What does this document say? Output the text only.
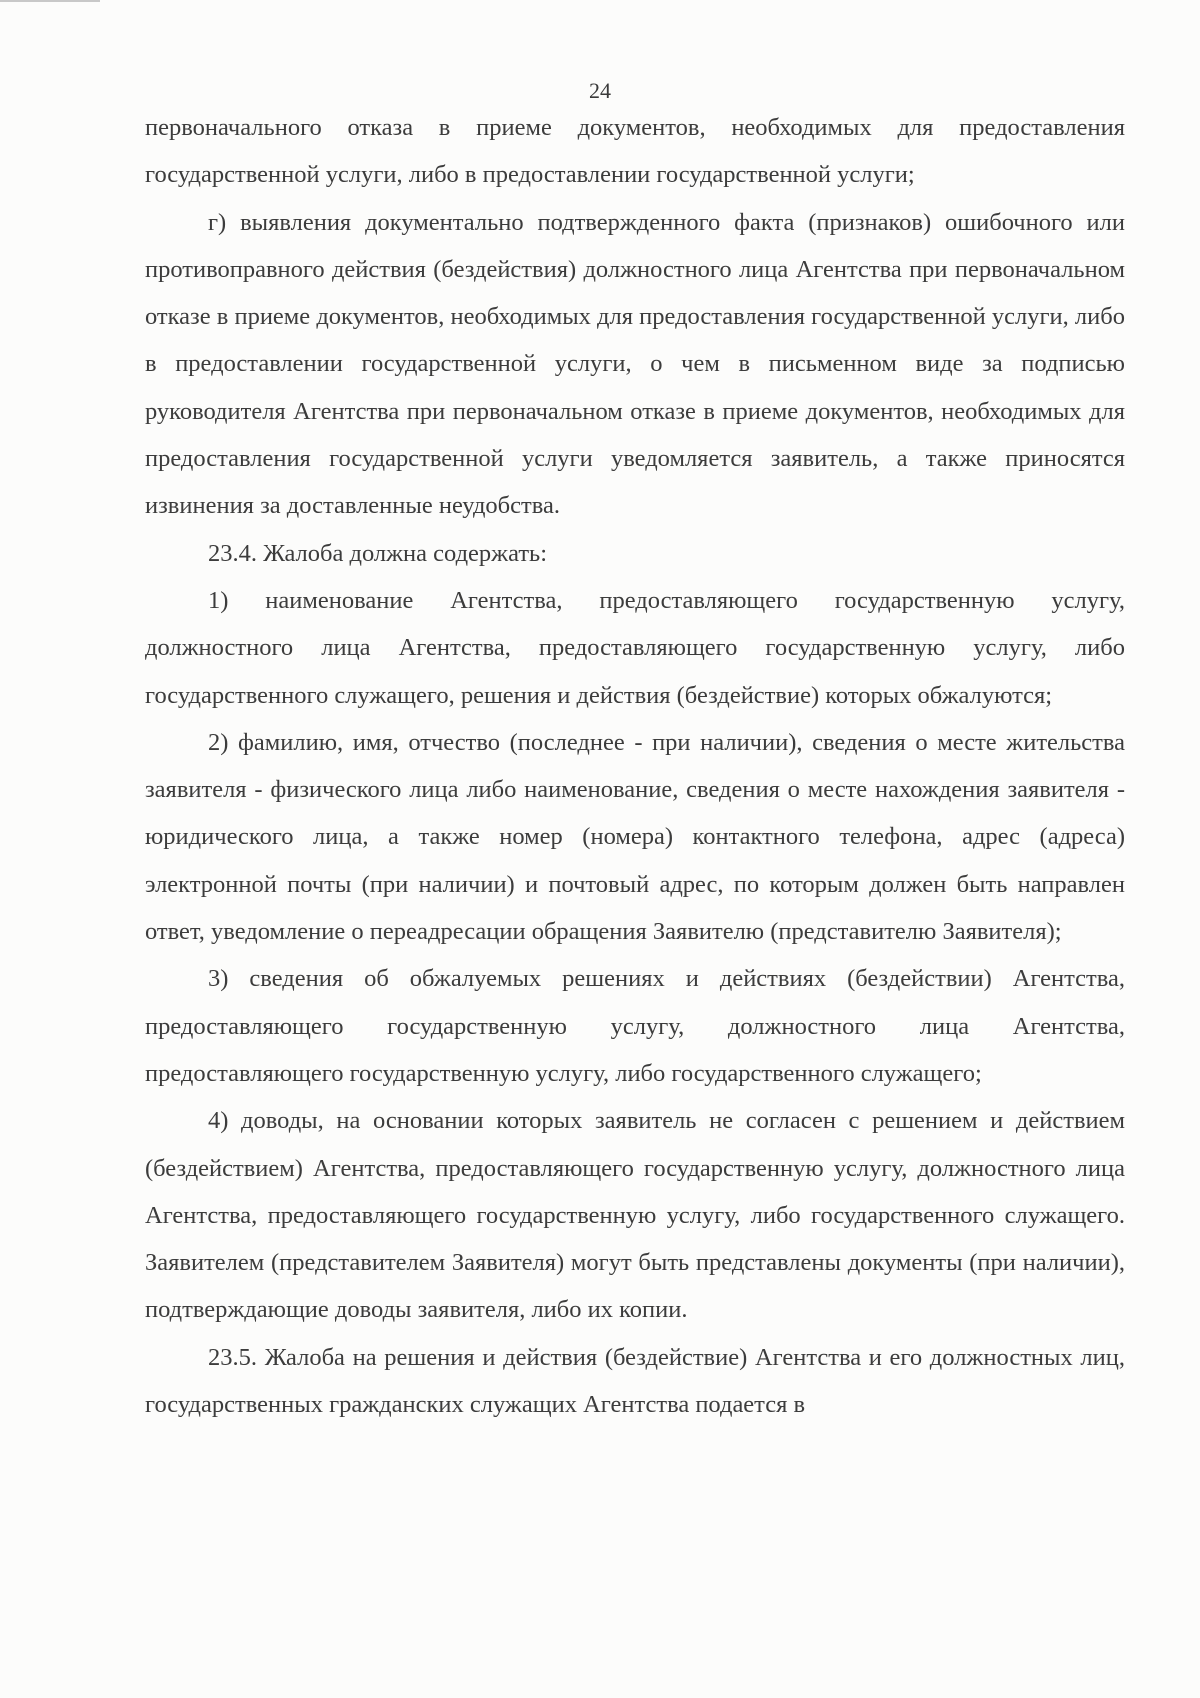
24

первоначального отказа в приеме документов, необходимых для предоставления государственной услуги, либо в предоставлении государственной услуги;

г) выявления документально подтвержденного факта (признаков) ошибочного или противоправного действия (бездействия) должностного лица Агентства при первоначальном отказе в приеме документов, необходимых для предоставления государственной услуги, либо в предоставлении государственной услуги, о чем в письменном виде за подписью руководителя Агентства при первоначальном отказе в приеме документов, необходимых для предоставления государственной услуги уведомляется заявитель, а также приносятся извинения за доставленные неудобства.

23.4. Жалоба должна содержать:

1) наименование Агентства, предоставляющего государственную услугу, должностного лица Агентства, предоставляющего государственную услугу, либо государственного служащего, решения и действия (бездействие) которых обжалуются;

2) фамилию, имя, отчество (последнее - при наличии), сведения о месте жительства заявителя - физического лица либо наименование, сведения о месте нахождения заявителя - юридического лица, а также номер (номера) контактного телефона, адрес (адреса) электронной почты (при наличии) и почтовый адрес, по которым должен быть направлен ответ, уведомление о переадресации обращения Заявителю (представителю Заявителя);

3) сведения об обжалуемых решениях и действиях (бездействии) Агентства, предоставляющего государственную услугу, должностного лица Агентства, предоставляющего государственную услугу, либо государственного служащего;

4) доводы, на основании которых заявитель не согласен с решением и действием (бездействием) Агентства, предоставляющего государственную услугу, должностного лица Агентства, предоставляющего государственную услугу, либо государственного служащего. Заявителем (представителем Заявителя) могут быть представлены документы (при наличии), подтверждающие доводы заявителя, либо их копии.

23.5. Жалоба на решения и действия (бездействие) Агентства и его должностных лиц, государственных гражданских служащих Агентства подается в
